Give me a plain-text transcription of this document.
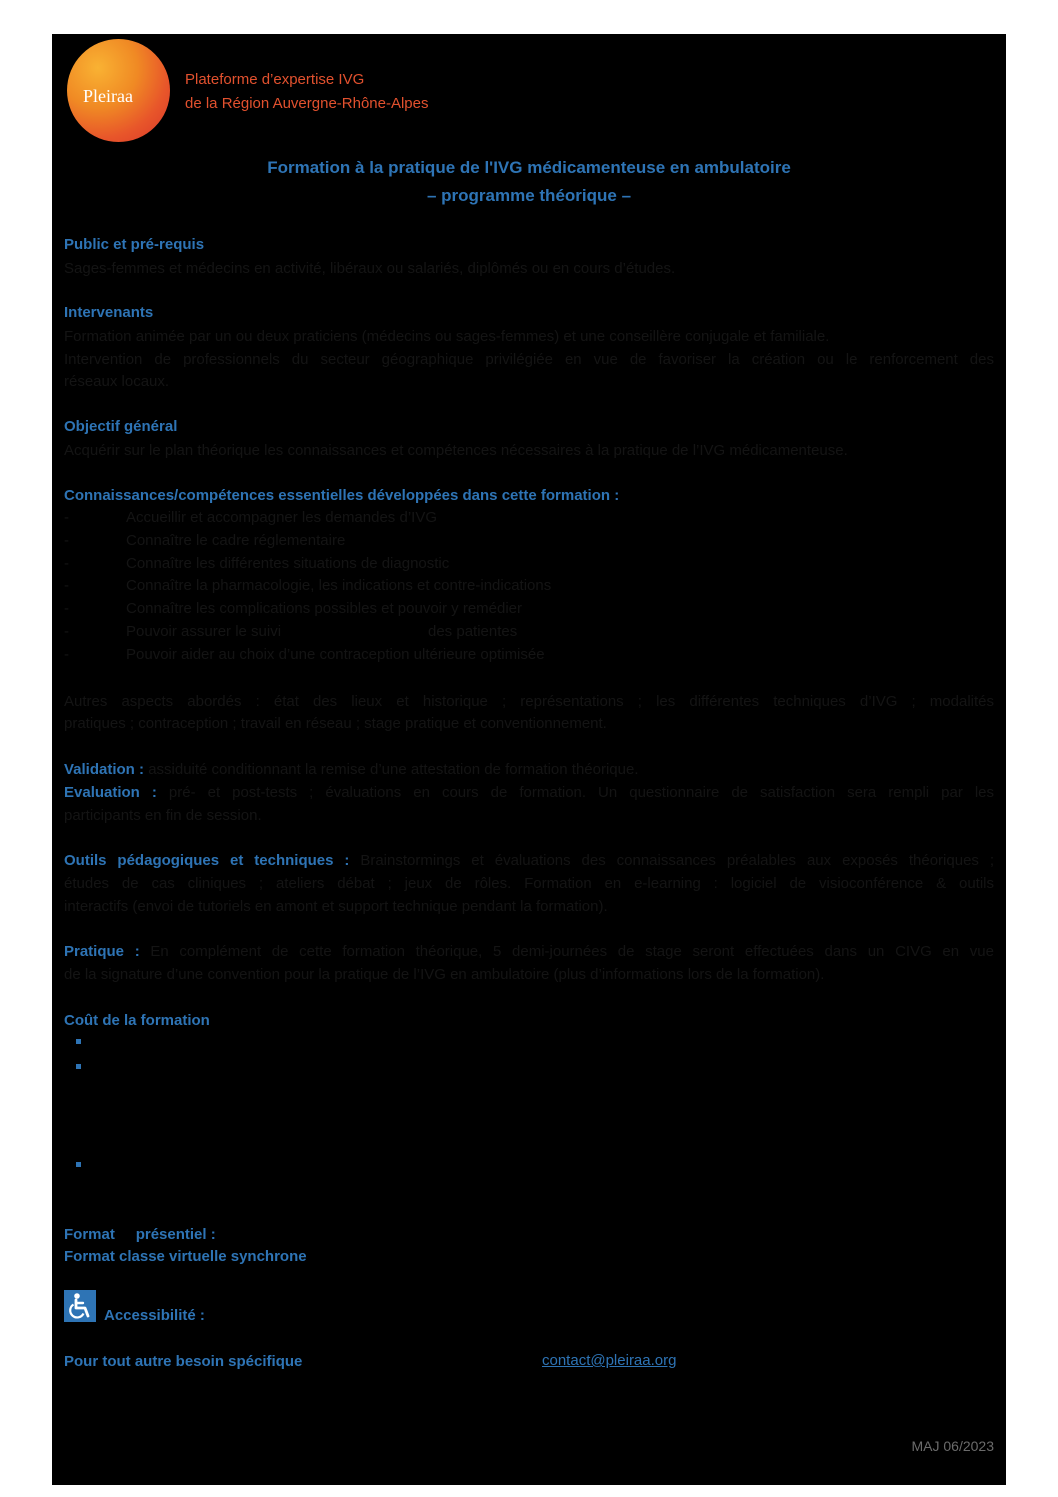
Pleiraa
Plateforme d’expertise IVG
de la Région Auvergne-Rhône-Alpes
Formation à la pratique de l'IVG médicamenteuse en ambulatoire
– programme théorique –
Public et pré-requis
Sages-femmes et médecins en activité, libéraux ou salariés, diplômés ou en cours d’études.
Intervenants
Formation animée par un ou deux praticiens (médecins ou sages-femmes) et une conseillère conjugale et familiale.
Intervention de professionnels du secteur géographique privilégiée en vue de favoriser la création ou le renforcement des
réseaux locaux.
Objectif général
Acquérir sur le plan théorique les connaissances et compétences nécessaires à la pratique de l’IVG médicamenteuse.
Connaissances/compétences essentielles développées dans cette formation :
-	Accueillir et accompagner les demandes d’IVG
-	Connaître le cadre réglementaire
-	Connaître les différentes situations de diagnostic
-	Connaître la pharmacologie, les indications et contre-indications
-	Connaître les complications possibles et pouvoir y remédier
-	Pouvoir assurer le suivi	des patientes
-	Pouvoir aider au choix d’une contraception ultérieure optimisée
Autres aspects abordés : état des lieux et historique ; représentations ; les différentes techniques d’IVG ; modalités
pratiques ; contraception ; travail en réseau ; stage pratique et conventionnement.
Validation : assiduité conditionnant la remise d’une attestation de formation théorique.
Evaluation : pré- et post-tests ; évaluations en cours de formation. Un questionnaire de satisfaction sera rempli par les
participants en fin de session.
Outils pédagogiques et techniques : Brainstormings et évaluations des connaissances préalables aux exposés théoriques ;
études de cas cliniques ; ateliers débat ; jeux de rôles. Formation en e-learning : logiciel de visioconférence & outils
interactifs (envoi de tutoriels en amont et support technique pendant la formation).
Pratique : En complément de cette formation théorique, 5 demi-journées de stage seront effectuées dans un CIVG en vue
de la signature d’une convention pour la pratique de l’IVG en ambulatoire (plus d’informations lors de la formation).
Coût de la formation
Format présentiel :
Format classe virtuelle synchrone
Accessibilité :
Pour tout autre besoin spécifique	contact@pleiraa.org
MAJ 06/2023
